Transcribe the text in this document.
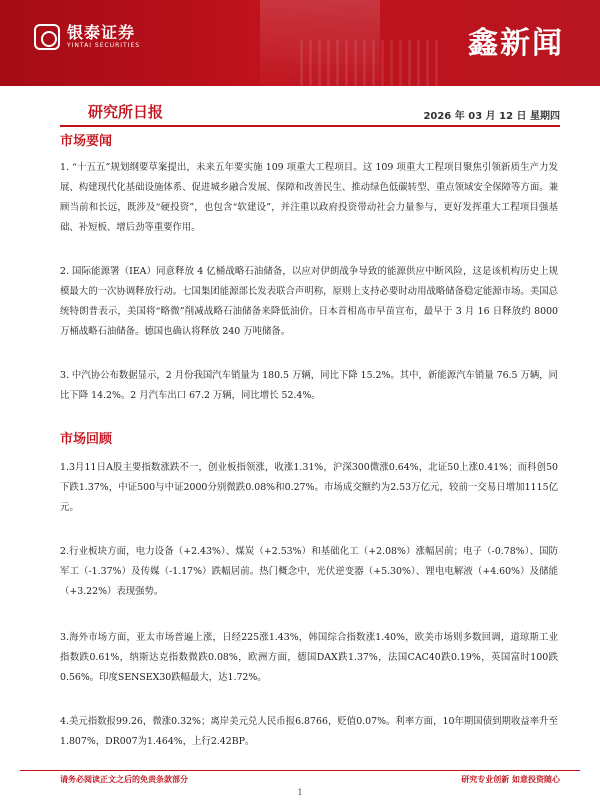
银泰证券
YINTAI SECURITIES	鑫新闻
研究所日报	2026 年 03 月 12 日 星期四
市场要闻

1. “十五五”规划纲要草案提出，未来五年要实施 109 项重大工程项目。这 109 项重大工程项目聚焦引领新质生产力发展、构建现代化基础设施体系、促进城乡融合发展、保障和改善民生、推动绿色低碳转型、重点领域安全保障等方面。兼顾当前和长远，既涉及“硬投资”，也包含“软建设”，并注重以政府投资带动社会力量参与，更好发挥重大工程项目强基础、补短板、增后劲等重要作用。

2. 国际能源署（IEA）同意释放 4 亿桶战略石油储备，以应对伊朗战争导致的能源供应中断风险，这是该机构历史上规模最大的一次协调释放行动。七国集团能源部长发表联合声明称，原则上支持必要时动用战略储备稳定能源市场。美国总统特朗普表示，美国将“略微”削减战略石油储备来降低油价。日本首相高市早苗宣布，最早于 3 月 16 日释放约 8000 万桶战略石油储备。德国也确认将释放 240 万吨储备。

3. 中汽协公布数据显示，2 月份我国汽车销量为 180.5 万辆，同比下降 15.2%。其中，新能源汽车销量 76.5 万辆，同比下降 14.2%。2 月汽车出口 67.2 万辆，同比增长 52.4%。

市场回顾

1.3月11日A股主要指数涨跌不一，创业板指领涨，收涨1.31%，沪深300微涨0.64%，北证50上涨0.41%；而科创50下跌1.37%，中证500与中证2000分别微跌0.08%和0.27%。市场成交额约为2.53万亿元，较前一交易日增加1115亿元。

2.行业板块方面，电力设备（+2.43%）、煤炭（+2.53%）和基础化工（+2.08%）涨幅居前；电子（-0.78%）、国防军工（-1.37%）及传媒（-1.17%）跌幅居前。热门概念中，光伏逆变器（+5.30%）、锂电电解液（+4.60%）及储能（+3.22%）表现强势。

3.海外市场方面，亚太市场普遍上涨，日经225涨1.43%，韩国综合指数涨1.40%，欧美市场则多数回调，道琼斯工业指数跌0.61%，纳斯达克指数微跌0.08%，欧洲方面，德国DAX跌1.37%，法国CAC40跌0.19%，英国富时100跌0.56%。印度SENSEX30跌幅最大，达1.72%。

4.美元指数报99.26，微涨0.32%；离岸美元兑人民币报6.8766，贬值0.07%。利率方面，10年期国债到期收益率升至1.807%，DR007为1.464%，上行2.42BP。

请务必阅读正文之后的免责条款部分	研究专业创新 如意投资随心
1
